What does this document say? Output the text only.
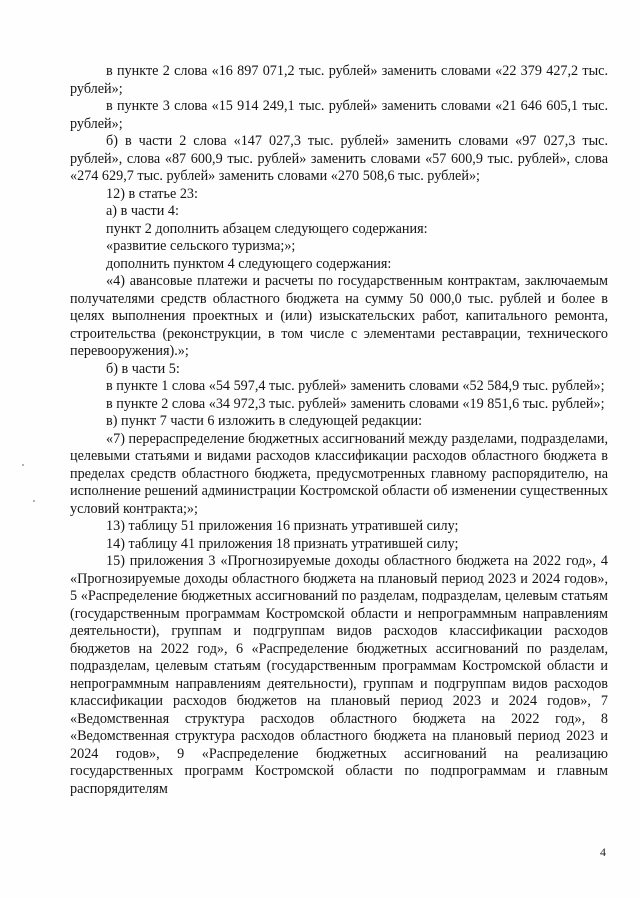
в пункте 2 слова «16 897 071,2 тыс. рублей» заменить словами «22 379 427,2 тыс. рублей»;

в пункте 3 слова «15 914 249,1 тыс. рублей» заменить словами «21 646 605,1 тыс. рублей»;

б) в части 2 слова «147 027,3 тыс. рублей» заменить словами «97 027,3 тыс. рублей», слова «87 600,9 тыс. рублей» заменить словами «57 600,9 тыс. рублей», слова «274 629,7 тыс. рублей» заменить словами «270 508,6 тыс. рублей»;

12) в статье 23:

а) в части 4:

пункт 2 дополнить абзацем следующего содержания:

«развитие сельского туризма;»;

дополнить пунктом 4 следующего содержания:

«4) авансовые платежи и расчеты по государственным контрактам, заключаемым получателями средств областного бюджета на сумму 50 000,0 тыс. рублей и более в целях выполнения проектных и (или) изыскательских работ, капитального ремонта, строительства (реконструкции, в том числе с элементами реставрации, технического перевооружения).»;

б) в части 5:

в пункте 1 слова «54 597,4 тыс. рублей» заменить словами «52 584,9 тыс. рублей»;

в пункте 2 слова «34 972,3 тыс. рублей» заменить словами «19 851,6 тыс. рублей»;

в) пункт 7 части 6 изложить в следующей редакции:

«7) перераспределение бюджетных ассигнований между разделами, подразделами, целевыми статьями и видами расходов классификации расходов областного бюджета в пределах средств областного бюджета, предусмотренных главному распорядителю, на исполнение решений администрации Костромской области об изменении существенных условий контракта;»;

13) таблицу 51 приложения 16 признать утратившей силу;

14) таблицу 41 приложения 18 признать утратившей силу;

15) приложения 3 «Прогнозируемые доходы областного бюджета на 2022 год», 4 «Прогнозируемые доходы областного бюджета на плановый период 2023 и 2024 годов», 5 «Распределение бюджетных ассигнований по разделам, подразделам, целевым статьям (государственным программам Костромской области и непрограммным направлениям деятельности), группам и подгруппам видов расходов классификации расходов бюджетов на 2022 год», 6 «Распределение бюджетных ассигнований по разделам, подразделам, целевым статьям (государственным программам Костромской области и непрограммным направлениям деятельности), группам и подгруппам видов расходов классификации расходов бюджетов на плановый период 2023 и 2024 годов», 7 «Ведомственная структура расходов областного бюджета на 2022 год», 8 «Ведомственная структура расходов областного бюджета на плановый период 2023 и 2024 годов», 9 «Распределение бюджетных ассигнований на реализацию государственных программ Костромской области по подпрограммам и главным распорядителям

4
